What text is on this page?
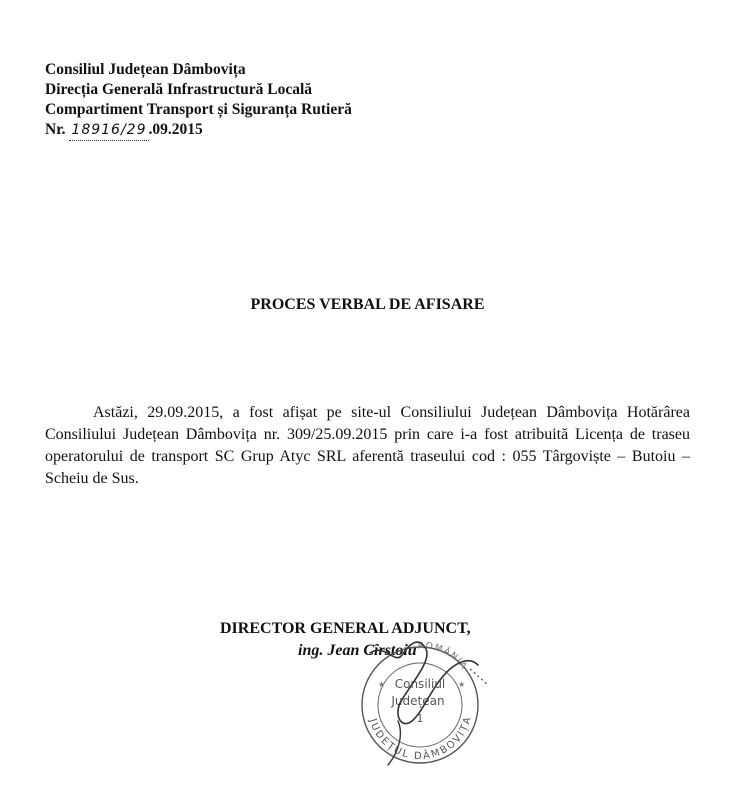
Consiliul Județean Dâmbovița
Direcția Generală Infrastructură Locală
Compartiment Transport și Siguranța Rutieră
Nr. 18916/29 .09.2015
PROCES VERBAL DE AFISARE

Astăzi, 29.09.2015, a fost afișat pe site-ul Consiliului Județean Dâmbovița Hotărârea Consiliului Județean Dâmbovița nr. 309/25.09.2015 prin care i-a fost atribuită Licența de traseu operatorului de transport SC Grup Atyc SRL aferentă traseului cod : 055 Târgoviște – Butoiu – Scheiu de Sus.

DIRECTOR GENERAL ADJUNCT,
ing. Jean Cîrstoiu
JUDEȚUL DÂMBOVIȚA
ROMÂNIA
Consiliul
Județean
1
★	★
